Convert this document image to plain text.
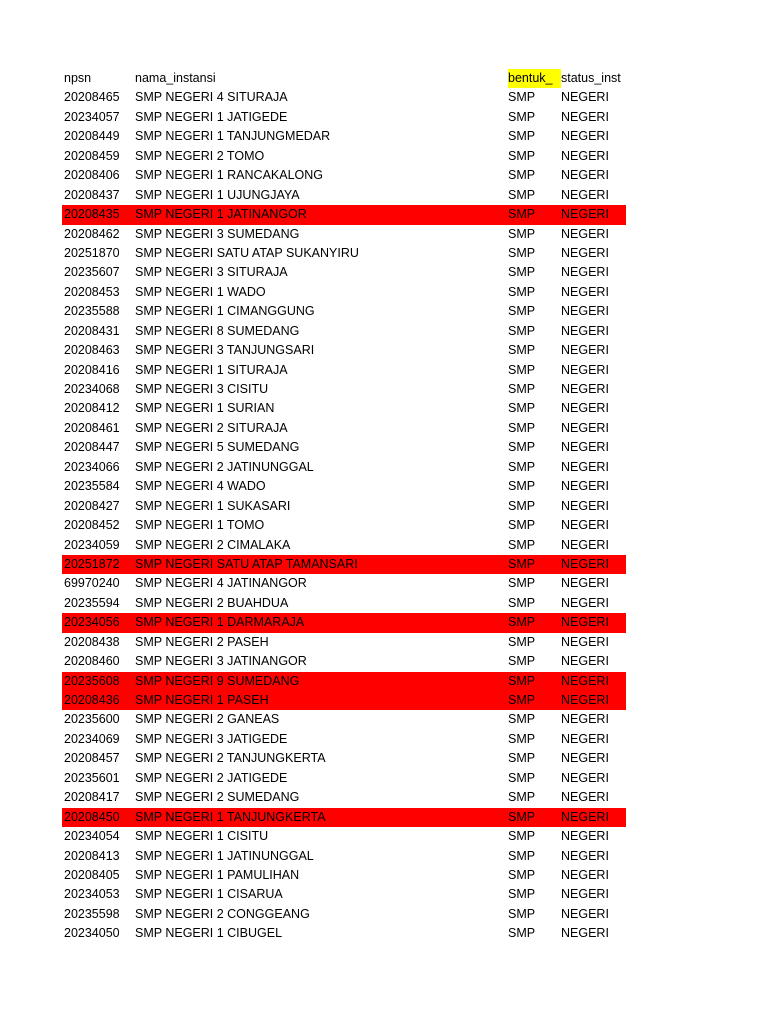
npsn	nama_instansi	bentuk_ status_inst
20208465	SMP NEGERI 4 SITURAJA	SMP	NEGERI
20234057	SMP NEGERI 1 JATIGEDE	SMP	NEGERI
20208449	SMP NEGERI 1 TANJUNGMEDAR	SMP	NEGERI
20208459	SMP NEGERI 2 TOMO	SMP	NEGERI
20208406	SMP NEGERI 1 RANCAKALONG	SMP	NEGERI
20208437	SMP NEGERI 1 UJUNGJAYA	SMP	NEGERI
20208435	SMP NEGERI 1 JATINANGOR	SMP	NEGERI
20208462	SMP NEGERI 3 SUMEDANG	SMP	NEGERI
20251870	SMP NEGERI SATU ATAP SUKANYIRU	SMP	NEGERI
20235607	SMP NEGERI 3 SITURAJA	SMP	NEGERI
20208453	SMP NEGERI 1 WADO	SMP	NEGERI
20235588	SMP NEGERI 1 CIMANGGUNG	SMP	NEGERI
20208431	SMP NEGERI 8 SUMEDANG	SMP	NEGERI
20208463	SMP NEGERI 3 TANJUNGSARI	SMP	NEGERI
20208416	SMP NEGERI 1 SITURAJA	SMP	NEGERI
20234068	SMP NEGERI 3 CISITU	SMP	NEGERI
20208412	SMP NEGERI 1 SURIAN	SMP	NEGERI
20208461	SMP NEGERI 2 SITURAJA	SMP	NEGERI
20208447	SMP NEGERI 5 SUMEDANG	SMP	NEGERI
20234066	SMP NEGERI 2 JATINUNGGAL	SMP	NEGERI
20235584	SMP NEGERI 4 WADO	SMP	NEGERI
20208427	SMP NEGERI 1 SUKASARI	SMP	NEGERI
20208452	SMP NEGERI 1 TOMO	SMP	NEGERI
20234059	SMP NEGERI 2 CIMALAKA	SMP	NEGERI
20251872	SMP NEGERI SATU ATAP TAMANSARI	SMP	NEGERI
69970240	SMP NEGERI 4 JATINANGOR	SMP	NEGERI
20235594	SMP NEGERI 2 BUAHDUA	SMP	NEGERI
20234056	SMP NEGERI 1 DARMARAJA	SMP	NEGERI
20208438	SMP NEGERI 2 PASEH	SMP	NEGERI
20208460	SMP NEGERI 3 JATINANGOR	SMP	NEGERI
20235608	SMP NEGERI 9 SUMEDANG	SMP	NEGERI
20208436	SMP NEGERI 1 PASEH	SMP	NEGERI
20235600	SMP NEGERI 2 GANEAS	SMP	NEGERI
20234069	SMP NEGERI 3 JATIGEDE	SMP	NEGERI
20208457	SMP NEGERI 2 TANJUNGKERTA	SMP	NEGERI
20235601	SMP NEGERI 2 JATIGEDE	SMP	NEGERI
20208417	SMP NEGERI 2 SUMEDANG	SMP	NEGERI
20208450	SMP NEGERI 1 TANJUNGKERTA	SMP	NEGERI
20234054	SMP NEGERI 1 CISITU	SMP	NEGERI
20208413	SMP NEGERI 1 JATINUNGGAL	SMP	NEGERI
20208405	SMP NEGERI 1 PAMULIHAN	SMP	NEGERI
20234053	SMP NEGERI 1 CISARUA	SMP	NEGERI
20235598	SMP NEGERI 2 CONGGEANG	SMP	NEGERI
20234050	SMP NEGERI 1 CIBUGEL	SMP	NEGERI
